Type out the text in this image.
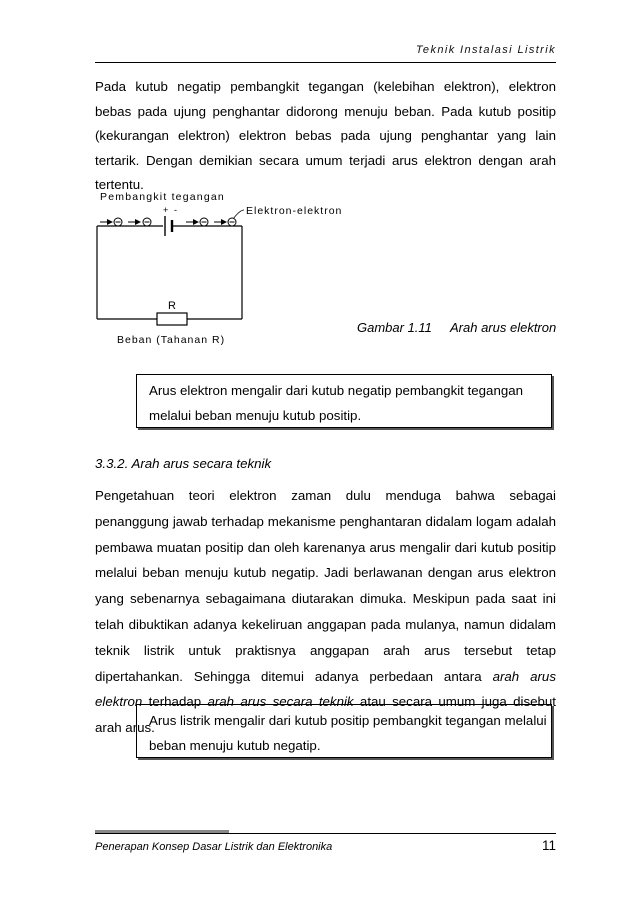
Teknik Instalasi Listrik

Pada kutub negatip pembangkit tegangan (kelebihan elektron), elektron bebas pada ujung penghantar didorong menuju beban. Pada kutub positip (kekurangan elektron) elektron bebas pada ujung penghantar yang lain tertarik. Dengan demikian secara umum terjadi arus elektron dengan arah tertentu.

Pembangkit tegangan
+ -	Elektron-elektron
R
Beban (Tahanan R)
Gambar 1.11 Arah arus elektron
Arus elektron mengalir dari kutub negatip pembangkit tegangan melalui beban menuju kutub positip.
3.3.2. Arah arus secara teknik

Pengetahuan teori elektron zaman dulu menduga bahwa sebagai penanggung jawab terhadap mekanisme penghantaran didalam logam adalah pembawa muatan positip dan oleh karenanya arus mengalir dari kutub positip melalui beban menuju kutub negatip. Jadi berlawanan dengan arus elektron yang sebenarnya sebagaimana diutarakan dimuka. Meskipun pada saat ini telah dibuktikan adanya kekeliruan anggapan pada mulanya, namun didalam teknik listrik untuk praktisnya anggapan arah arus tersebut tetap dipertahankan. Sehingga ditemui adanya perbedaan antara arah arus elektron terhadap arah arus secara teknik atau secara umum juga disebut arah arus.

Arus listrik mengalir dari kutub positip pembangkit tegangan melalui beban menuju kutub negatip.
Penerapan Konsep Dasar Listrik dan Elektronika	11
